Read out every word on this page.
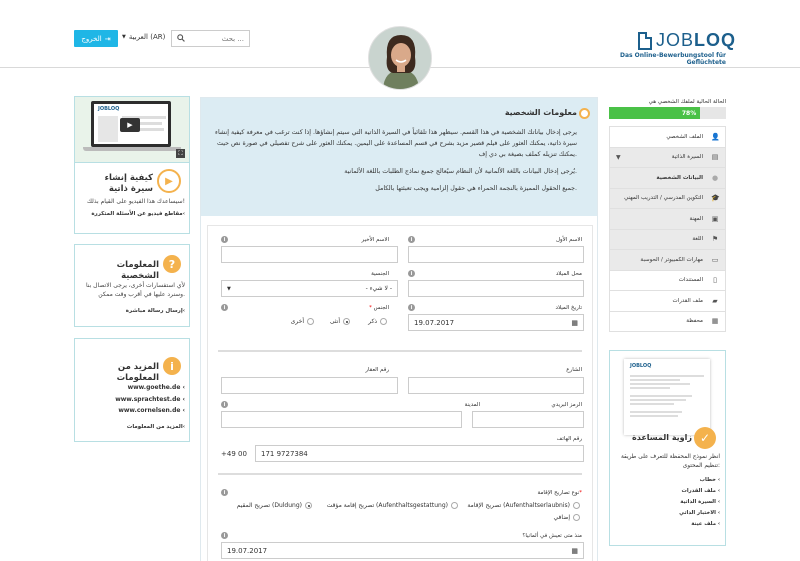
الخروج ⇥ ▼ العربية (AR)
بحث ...	JOBLOQ
Das Online-Bewerbungstool für Geflüchtete
JOBLOQ
▶
⛶
▶
كيفية إنشاء سيرة ذاتية

سيساعدك هذا الفيديو على القيام بذلك!

مقاطع فيديو عن الأسئلة المتكررة‹
?
المعلومات الشخصية

لأي استفسارات أخرى، يرجى الاتصال بنا وسنرد عليها في أقرب وقت ممكن.

إرسال رسالة مباشرة‹
i
المزيد من المعلومات
www.goethe.de ‹
www.sprachtest.de ‹
www.cornelsen.de ‹
المزيد من المعلومات‹
معلومات الشخصية

يرجى إدخال بياناتك الشخصية في هذا القسم. سيظهر هذا تلقائياً في السيرة الذاتية التي سيتم إنشاؤها. إذا كنت ترغب في معرفة كيفية إنشاء سيرة ذاتية، يمكنك العثور على فيلم قصير مزيد بشرح في قسم المساعدة على اليمين. يمكنك العثور على شرح تفصيلي في صورة نص حيث يمكنك تنزيله كملف بصيغة بي دي إف.

يُرجى إدخال البيانات باللغة الألمانية لأن النظام سيُعالج جميع نماذج الطلبات باللغة الألمانية.

جميع الحقول المميزة بالنجمة الحمراء هي حقول إلزامية ويجب تعبئتها بالكامل.

الاسم الأول
i
الاسم الأخير
i
محل الميلاد
i
الجنسية
▼	- لا شيء -
تاريخ الميلاد
i
19.07.2017	▦
* الجنس
i
ذكر
أنثى
أخرى
الشارع
رقم العقار
الرمز البريدي
المدينة
i
رقم الهاتف
+49 00	171 9727384
نوع تصاريح الإقامة*
i
تصريح الإقامة (Aufenthaltserlaubnis)
تصريح إقامة مؤقت (Aufenthaltsgestattung)
تصريح المقيم (Duldung)
إضافي
منذ متى تعيش في ألمانيا؟
i
19.07.2017	▦
الحالة الحالية لملفك الشخصي هي
78%
الملف الشخصي 👤
▼	السيرة الذاتية ▤
البيانات الشخصية ●
التكوين المدرسي / التدريب المهني 🎓
المهنة ▣
اللغة ⚑
مهارات الكمبيوتر / الحوسبة ▭
المستندات ▯
ملف القدرات ▰
محفظة ▦
JOBLOQ
✓
زاوية المساعدة

انظر نموذج المحفظة للتعرف على طريقة تنظيم المحتوى:

خطاب ‹
ملف القدرات ‹
السيرة الذاتية ‹
الاختبار الذاتي ‹
ملف عينة ‹
